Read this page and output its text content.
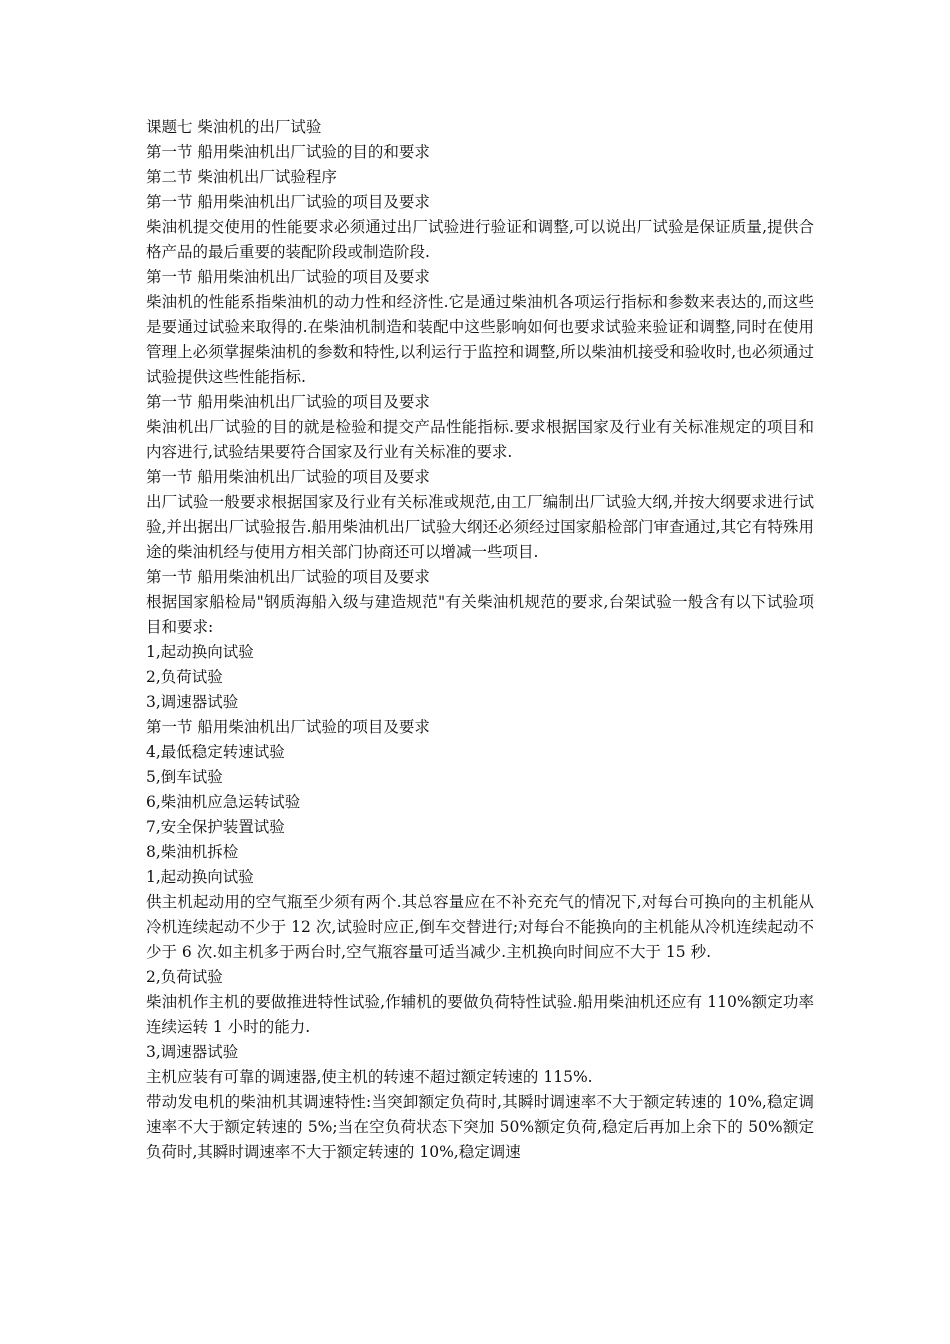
课题七 柴油机的出厂试验

第一节 船用柴油机出厂试验的目的和要求

第二节 柴油机出厂试验程序

第一节 船用柴油机出厂试验的项目及要求

柴油机提交使用的性能要求必须通过出厂试验进行验证和调整,可以说出厂试验是保证质量,提供合格产品的最后重要的装配阶段或制造阶段.

第一节 船用柴油机出厂试验的项目及要求

柴油机的性能系指柴油机的动力性和经济性.它是通过柴油机各项运行指标和参数来表达的,而这些是要通过试验来取得的.在柴油机制造和装配中这些影响如何也要求试验来验证和调整,同时在使用管理上必须掌握柴油机的参数和特性,以利运行于监控和调整,所以柴油机接受和验收时,也必须通过试验提供这些性能指标.

第一节 船用柴油机出厂试验的项目及要求

柴油机出厂试验的目的就是检验和提交产品性能指标.要求根据国家及行业有关标准规定的项目和内容进行,试验结果要符合国家及行业有关标准的要求.

第一节 船用柴油机出厂试验的项目及要求

出厂试验一般要求根据国家及行业有关标准或规范,由工厂编制出厂试验大纲,并按大纲要求进行试验,并出据出厂试验报告.船用柴油机出厂试验大纲还必须经过国家船检部门审查通过,其它有特殊用途的柴油机经与使用方相关部门协商还可以增减一些项目.

第一节 船用柴油机出厂试验的项目及要求

根据国家船检局"钢质海船入级与建造规范"有关柴油机规范的要求,台架试验一般含有以下试验项目和要求:

1,起动换向试验

2,负荷试验

3,调速器试验

第一节 船用柴油机出厂试验的项目及要求

4,最低稳定转速试验

5,倒车试验

6,柴油机应急运转试验

7,安全保护装置试验

8,柴油机拆检

1,起动换向试验

供主机起动用的空气瓶至少须有两个.其总容量应在不补充充气的情况下,对每台可换向的主机能从冷机连续起动不少于 12 次,试验时应正,倒车交替进行;对每台不能换向的主机能从冷机连续起动不少于 6 次.如主机多于两台时,空气瓶容量可适当减少.主机换向时间应不大于 15 秒.

2,负荷试验

柴油机作主机的要做推进特性试验,作辅机的要做负荷特性试验.船用柴油机还应有 110%额定功率连续运转 1 小时的能力.

3,调速器试验

主机应装有可靠的调速器,使主机的转速不超过额定转速的 115%.

带动发电机的柴油机其调速特性:当突卸额定负荷时,其瞬时调速率不大于额定转速的 10%,稳定调速率不大于额定转速的 5%;当在空负荷状态下突加 50%额定负荷,稳定后再加上余下的 50%额定负荷时,其瞬时调速率不大于额定转速的 10%,稳定调速
